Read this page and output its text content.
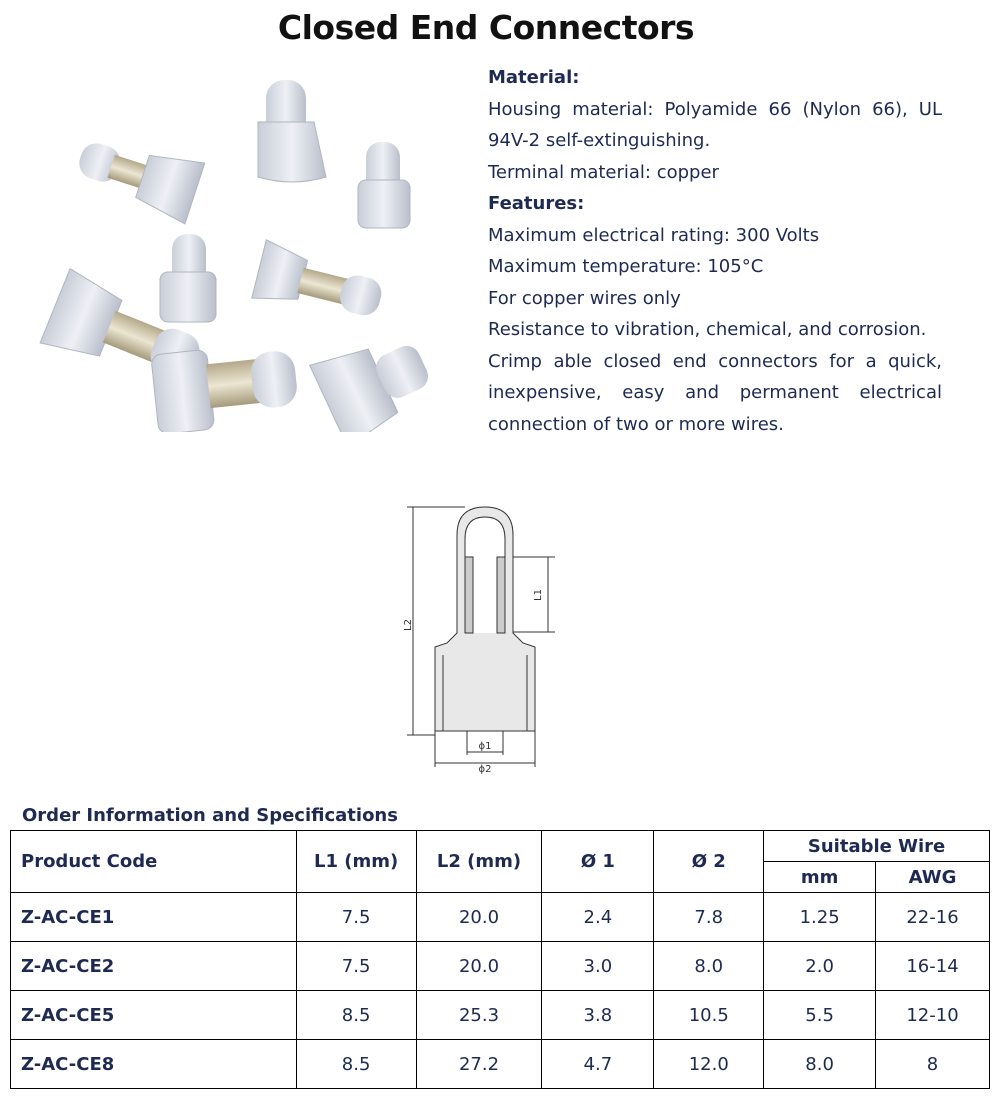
Closed End Connectors
Material:
Housing material: Polyamide 66 (Nylon 66), UL
94V-2 self-extinguishing.
Terminal material: copper
Features:
Maximum electrical rating: 300 Volts
Maximum temperature: 105°C
For copper wires only
Resistance to vibration, chemical, and corrosion.
Crimp able closed end connectors for a quick,
inexpensive, easy and permanent electrical
connection of two or more wires.
L2
L1
ϕ1
ϕ2
Order Information and Specifications
Product Code	L1 (mm)	L2 (mm)	Ø 1	Ø 2	Suitable Wire	
					mm	AWG
Z-AC-CE1	7.5	20.0	2.4	7.8	1.25	22-16
Z-AC-CE2	7.5	20.0	3.0	8.0	2.0	16-14
Z-AC-CE5	8.5	25.3	3.8	10.5	5.5	12-10
Z-AC-CE8	8.5	27.2	4.7	12.0	8.0	8
